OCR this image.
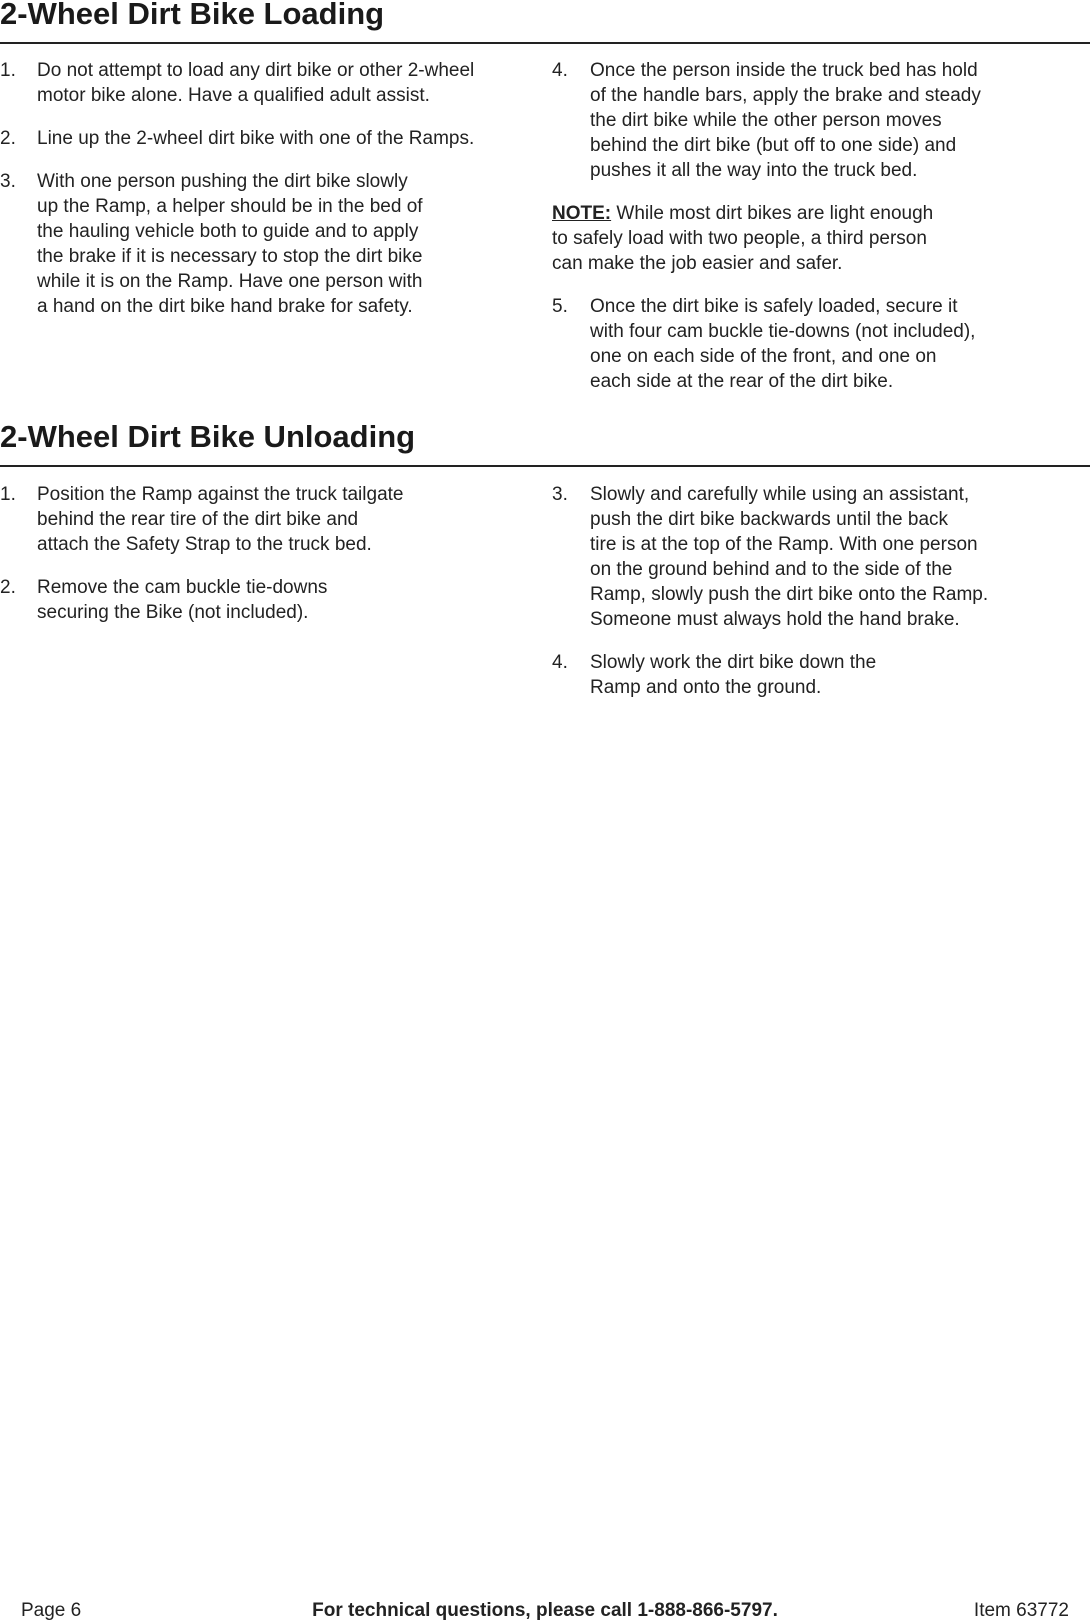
2-Wheel Dirt Bike Loading
1. Do not attempt to load any dirt bike or other 2-wheel
motor bike alone. Have a qualified adult assist.
2. Line up the 2-wheel dirt bike with one of the Ramps.
3. With one person pushing the dirt bike slowly
up the Ramp, a helper should be in the bed of
the hauling vehicle both to guide and to apply
the brake if it is necessary to stop the dirt bike
while it is on the Ramp. Have one person with
a hand on the dirt bike hand brake for safety.
4. Once the person inside the truck bed has hold
of the handle bars, apply the brake and steady
the dirt bike while the other person moves
behind the dirt bike (but off to one side) and
pushes it all the way into the truck bed.
NOTE: While most dirt bikes are light enough
to safely load with two people, a third person
can make the job easier and safer.
5. Once the dirt bike is safely loaded, secure it
with four cam buckle tie-downs (not included),
one on each side of the front, and one on
each side at the rear of the dirt bike.
2-Wheel Dirt Bike Unloading
1. Position the Ramp against the truck tailgate
behind the rear tire of the dirt bike and
attach the Safety Strap to the truck bed.
2. Remove the cam buckle tie-downs
securing the Bike (not included).
3. Slowly and carefully while using an assistant,
push the dirt bike backwards until the back
tire is at the top of the Ramp. With one person
on the ground behind and to the side of the
Ramp, slowly push the dirt bike onto the Ramp.
Someone must always hold the hand brake.
4. Slowly work the dirt bike down the
Ramp and onto the ground.
For technical questions, please call 1-888-866-5797.
Page 6	Item 63772
